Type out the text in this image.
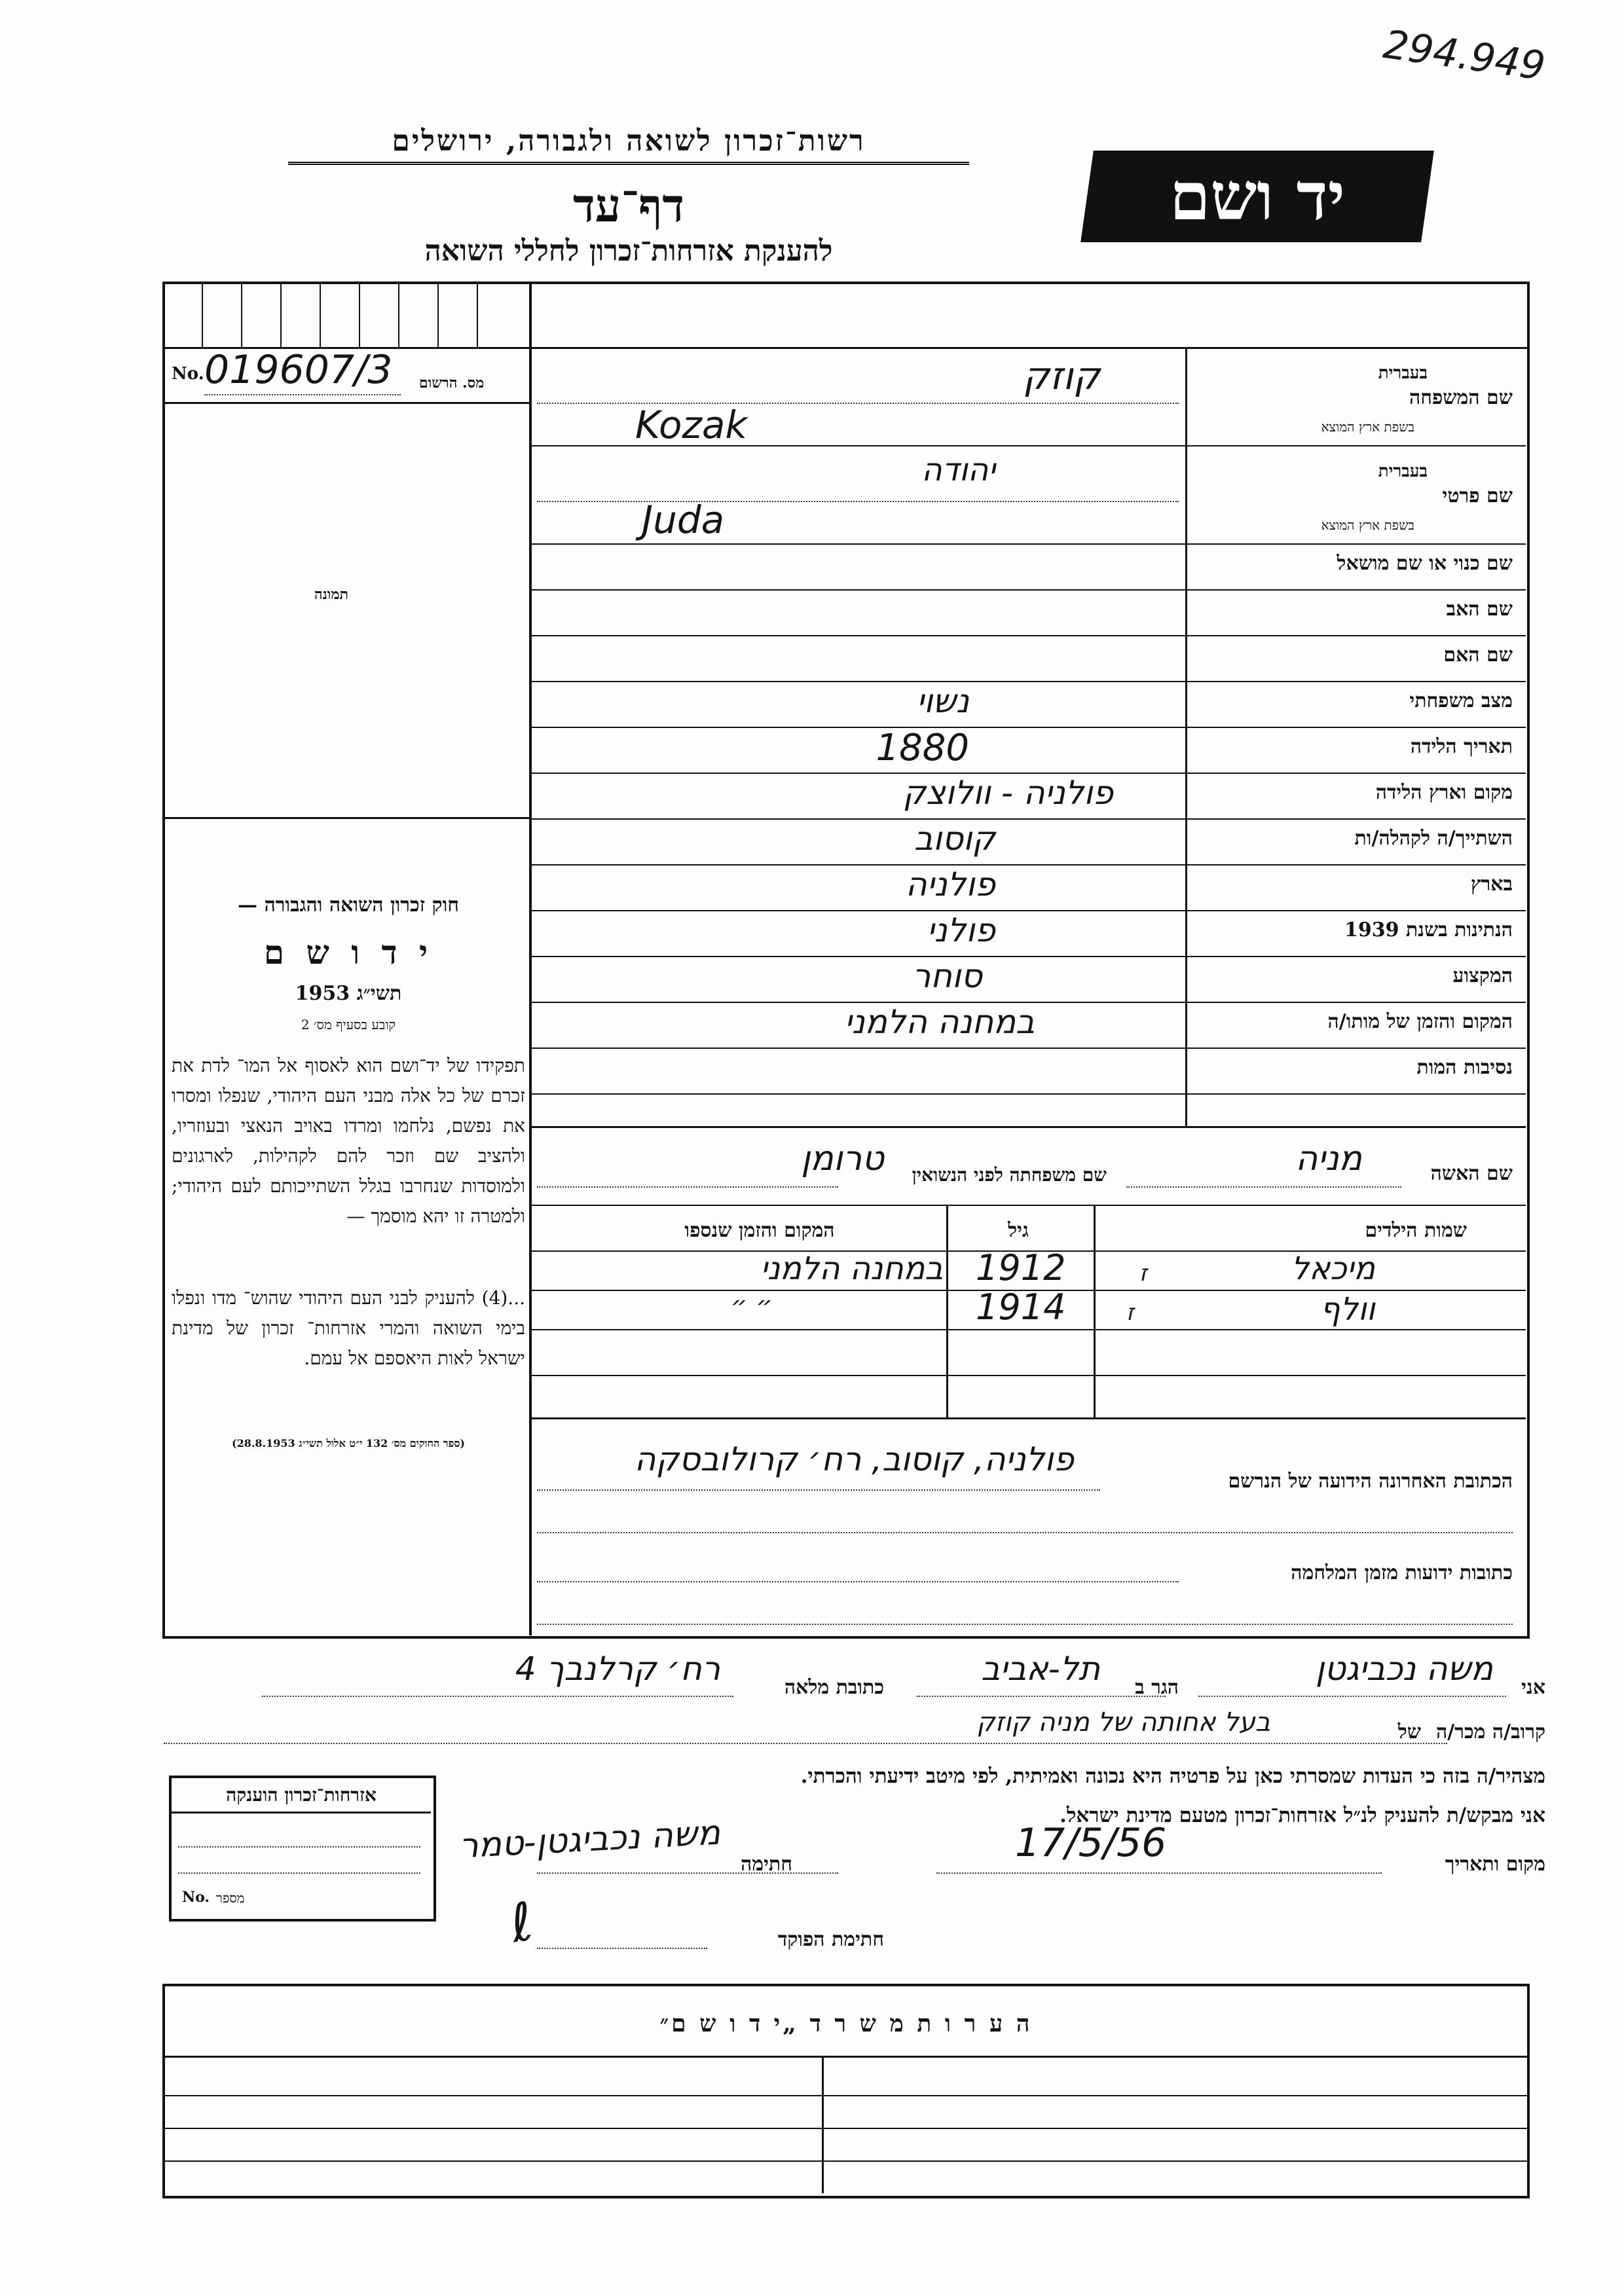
294.949
רשות־זכרון לשואה ולגבורה, ירושלים
דף־עד
להענקת אזרחות־זכרון לחללי השואה
יד ושם
No. 019607/3 מס. הרשום
תמונה
חוק זכרון השואה והגבורה —
י ד ו ש ם
תשי״ג 1953
קובע בסעיף מס׳ 2
תפקידו של יד־ושם הוא לאסוף אל המו־ לדת את זכרם של כל אלה מבני העם היהודי, שנפלו ומסרו את נפשם, נלחמו ומרדו באויב הנאצי ובעוזריו, ולהציב שם וזכר להם לקהילות, לארגונים ולמוסדות שנחרבו בגלל השתייכותם לעם היהודי; ולמטרה זו יהא מוסמך —
...(4) להעניק לבני העם היהודי שהוש־ מדו ונפלו בימי השואה והמרי אזרחות־ זכרון של מדינת ישראל לאות היאספם אל עמם.
(ספר החוקים מס׳ 132 י״ט אלול תשי״ג 28.8.1953)
שם המשפחה
בעברית
בשפת ארץ המוצא
קוזק
Kozak
שם פרטי
בעברית
בשפת ארץ המוצא
יהודה
Juda
שם כנוי או שם מושאל
שם האב
שם האם
מצב משפחתי
נשוי
תאריך הלידה
1880
מקום וארץ הלידה
פולניה - וולוצק
השתייך/ה לקהלה/ות
קוסוב
בארץ
פולניה
הנתינות בשנת 1939
פולני
המקצוע
סוחר
המקום והזמן של מותו/ה
במחנה הלמני
נסיבות המות
שם האשה
מניה
שם משפחתה לפני הנשואין
טרומן
שמות הילדים
גיל
המקום והזמן שנספו
מיכאל
ז
1912
במחנה הלמני
וולף
ז
1914
״ ״
הכתובת האחרונה הידועה של הנרשם
פולניה, קוסוב, רח׳ קרולובסקה
כתובות ידועות מזמן המלחמה
אני
משה נכביגטן
הגר ב
תל-אביב
כתובת מלאה
רח׳ קרלנבך 4
קרוב/ה מכר/ה
בעל אחותה של מניה קוזק	של
מצהיר/ה בזה כי העדות שמסרתי כאן על פרטיה היא נכונה ואמיתית, לפי מיטב ידיעתי והכרתי.
אני מבקש/ת להעניק לנ״ל אזרחות־זכרון מטעם מדינת ישראל.
מקום ותאריך
17/5/56
חתימה
משה נכביגטן-טמר
חתימת הפוקד
ℓ
אזרחות־זכרון הוענקה
No. מספר
ה ע ר ו ת מ ש ר ד „י ד ו ש ם״
